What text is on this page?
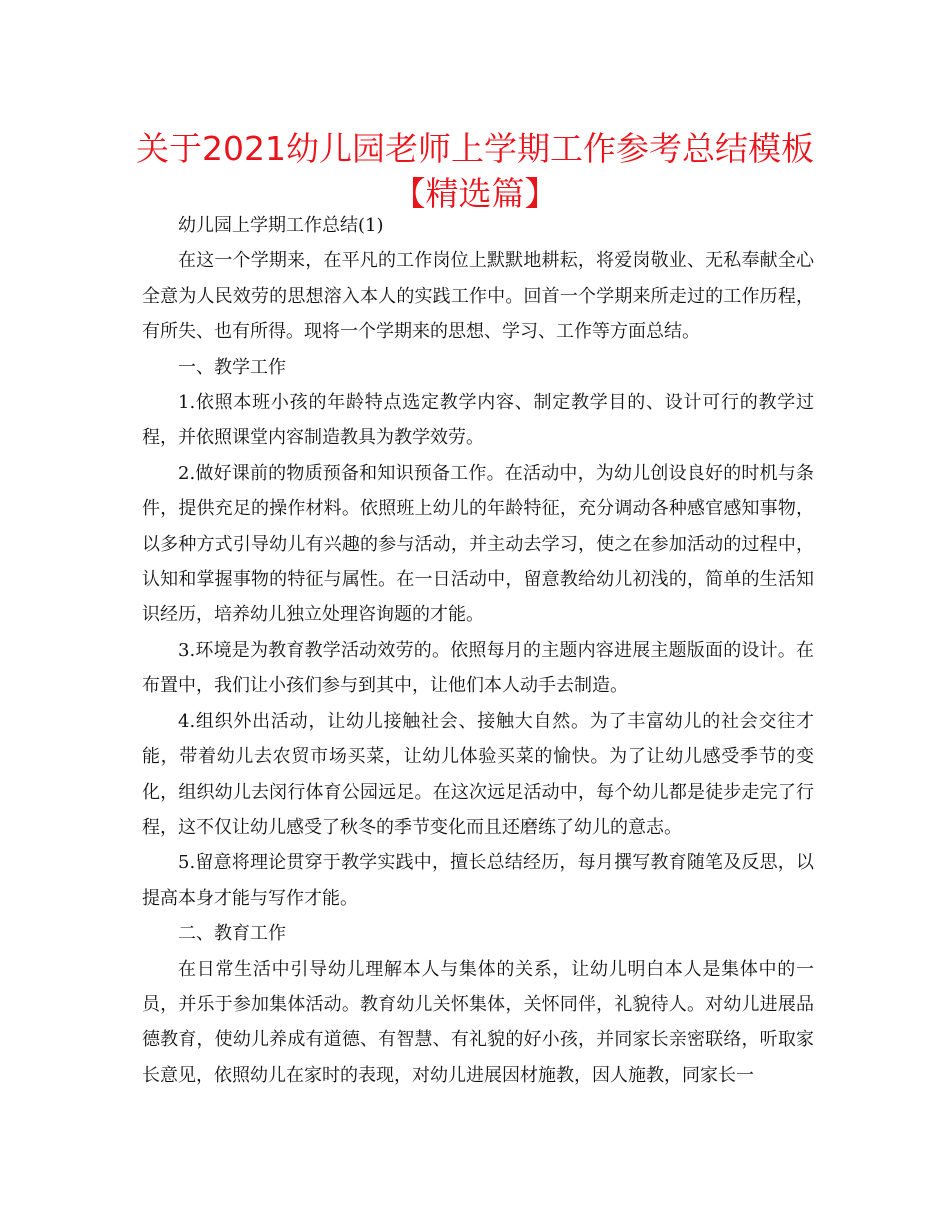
关于2021幼儿园老师上学期工作参考总结模板
【精选篇】

幼儿园上学期工作总结(1)

在这一个学期来，在平凡的工作岗位上默默地耕耘，将爱岗敬业、无私奉献全心全意为人民效劳的思想溶入本人的实践工作中。回首一个学期来所走过的工作历程，有所失、也有所得。现将一个学期来的思想、学习、工作等方面总结。

一、教学工作

1.依照本班小孩的年龄特点选定教学内容、制定教学目的、设计可行的教学过程，并依照课堂内容制造教具为教学效劳。

2.做好课前的物质预备和知识预备工作。在活动中，为幼儿创设良好的时机与条件，提供充足的操作材料。依照班上幼儿的年龄特征，充分调动各种感官感知事物，以多种方式引导幼儿有兴趣的参与活动，并主动去学习，使之在参加活动的过程中，认知和掌握事物的特征与属性。在一日活动中，留意教给幼儿初浅的，简单的生活知识经历，培养幼儿独立处理咨询题的才能。

3.环境是为教育教学活动效劳的。依照每月的主题内容进展主题版面的设计。在布置中，我们让小孩们参与到其中，让他们本人动手去制造。

4.组织外出活动，让幼儿接触社会、接触大自然。为了丰富幼儿的社会交往才能，带着幼儿去农贸市场买菜，让幼儿体验买菜的愉快。为了让幼儿感受季节的变化，组织幼儿去闵行体育公园远足。在这次远足活动中，每个幼儿都是徒步走完了行程，这不仅让幼儿感受了秋冬的季节变化而且还磨练了幼儿的意志。

5.留意将理论贯穿于教学实践中，擅长总结经历，每月撰写教育随笔及反思，以提高本身才能与写作才能。

二、教育工作

在日常生活中引导幼儿理解本人与集体的关系，让幼儿明白本人是集体中的一员，并乐于参加集体活动。教育幼儿关怀集体，关怀同伴，礼貌待人。对幼儿进展品德教育，使幼儿养成有道德、有智慧、有礼貌的好小孩，并同家长亲密联络，听取家长意见，依照幼儿在家时的表现，对幼儿进展因材施教，因人施教，同家长一
